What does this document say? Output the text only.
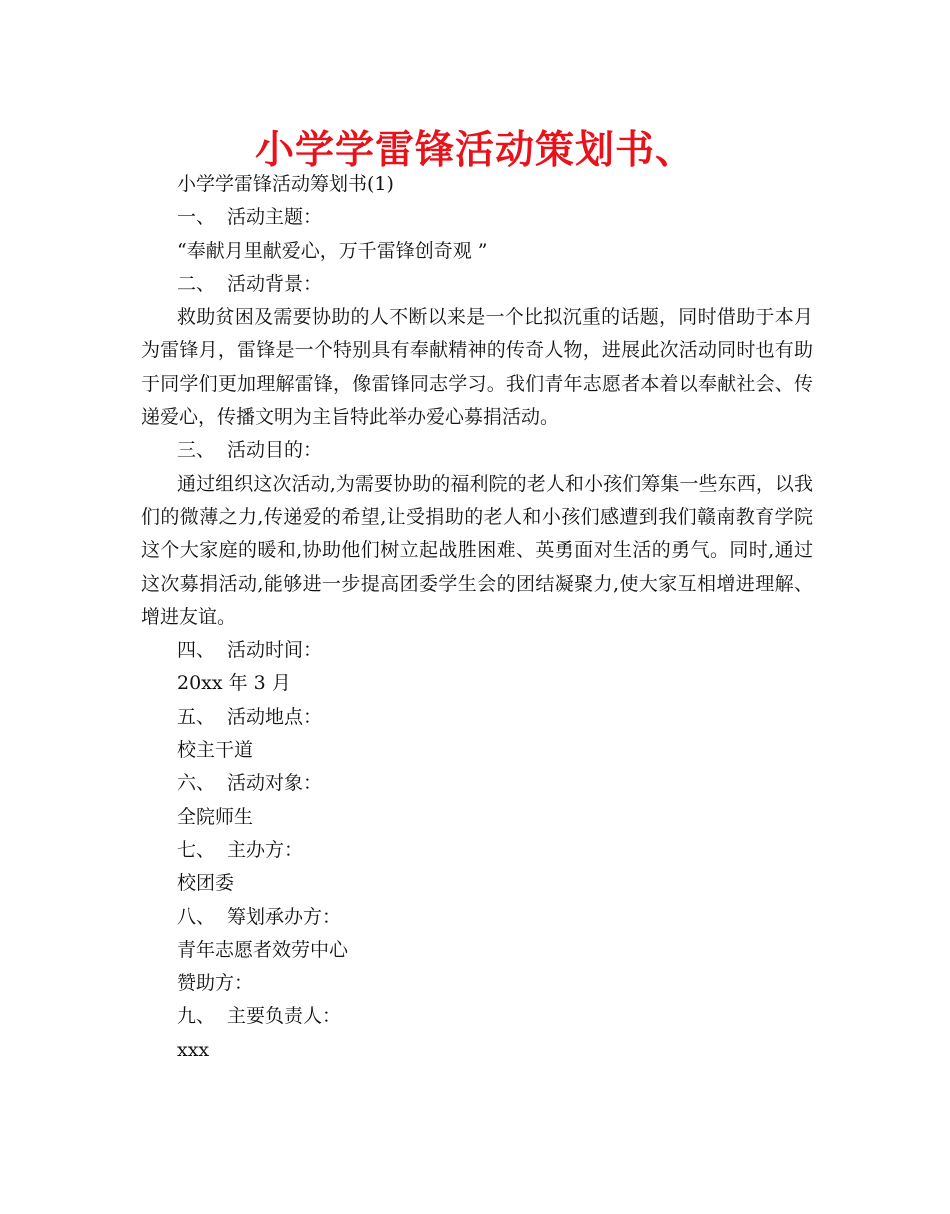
小学学雷锋活动策划书、

小学学雷锋活动筹划书(1)

一、 活动主题：

“奉献月里献爱心，万千雷锋创奇观 ”

二、 活动背景：

救助贫困及需要协助的人不断以来是一个比拟沉重的话题，同时借助于本月为雷锋月，雷锋是一个特别具有奉献精神的传奇人物，进展此次活动同时也有助于同学们更加理解雷锋，像雷锋同志学习。我们青年志愿者本着以奉献社会、传递爱心，传播文明为主旨特此举办爱心募捐活动。

三、 活动目的：

通过组织这次活动,为需要协助的福利院的老人和小孩们筹集一些东西，以我们的微薄之力,传递爱的希望,让受捐助的老人和小孩们感遭到我们赣南教育学院这个大家庭的暖和,协助他们树立起战胜困难、英勇面对生活的勇气。同时,通过这次募捐活动,能够进一步提高团委学生会的团结凝聚力,使大家互相增进理解、增进友谊。

四、 活动时间：

20xx 年 3 月

五、 活动地点：

校主干道

六、 活动对象：

全院师生

七、 主办方：

校团委

八、 筹划承办方：

青年志愿者效劳中心

赞助方：

九、 主要负责人：

xxx
